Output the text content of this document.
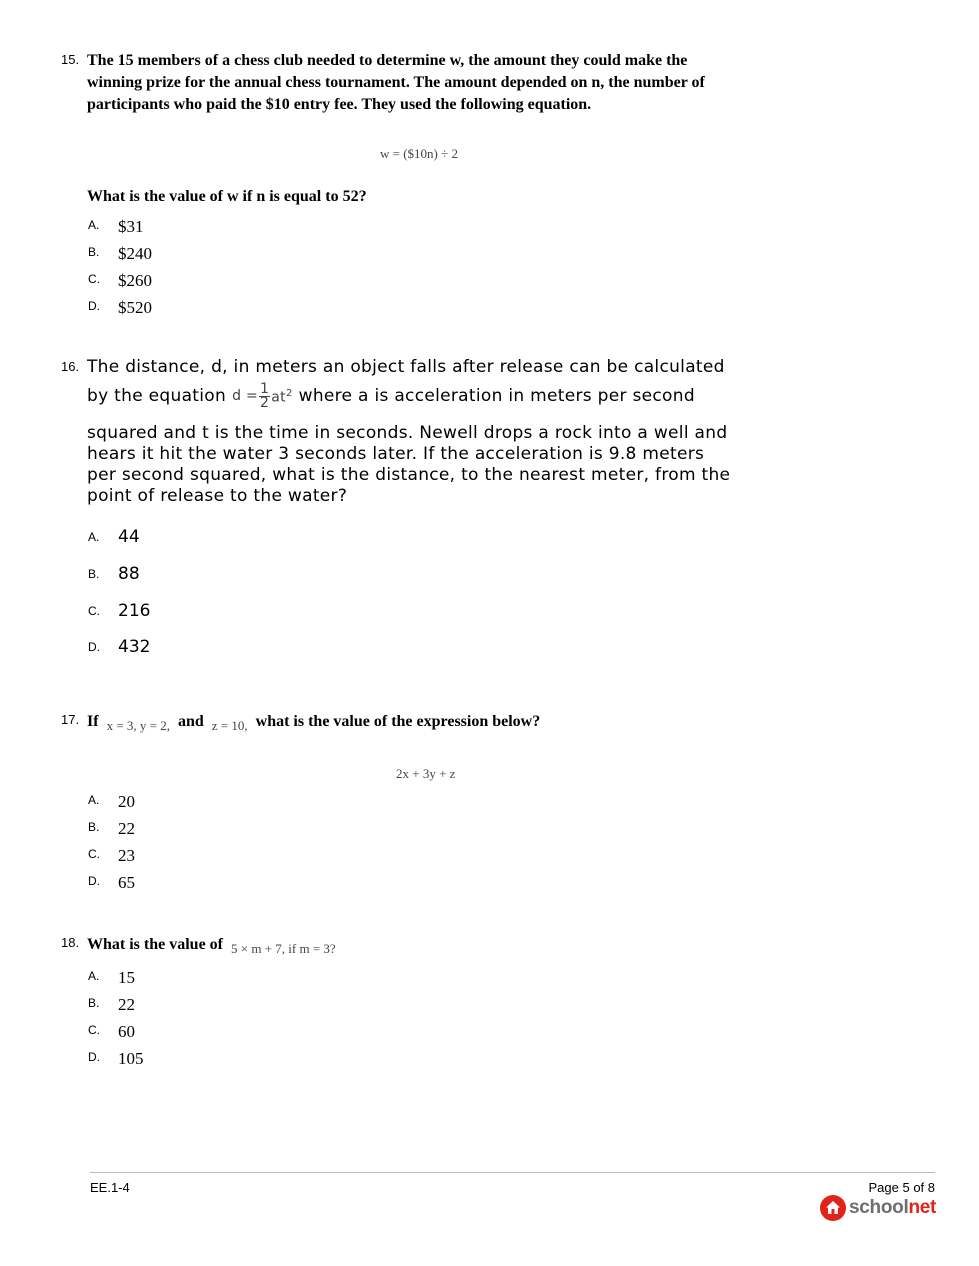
15. The 15 members of a chess club needed to determine w, the amount they could make the
winning prize for the annual chess tournament. The amount depended on n, the number of
participants who paid the $10 entry fee. They used the following equation.
w = ($10n) ÷ 2
What is the value of w if n is equal to 52?
A. $31
B. $240
C. $260
D. $520
16. The distance, d, in meters an object falls after release can be calculated
by the equation $d = \frac{1}{2} at^2$ where a is acceleration in meters per second
squared and t is the time in seconds. Newell drops a rock into a well and
hears it hit the water 3 seconds later. If the acceleration is 9.8 meters
per second squared, what is the distance, to the nearest meter, from the
point of release to the water?
A. 44
B. 88
C. 216
D. 432
17. If $_{x = 3, y = 2,}$ and $_{z = 10,}$ what is the value of the expression below?
2x + 3y + z
A. 20
B. 22
C. 23
D. 65
18. What is the value of $_{5 \times m + 7, if m = 3?}$
A. 15
B. 22
C. 60
D. 105
EE.1-4	Page 5 of 8
schoolnet
